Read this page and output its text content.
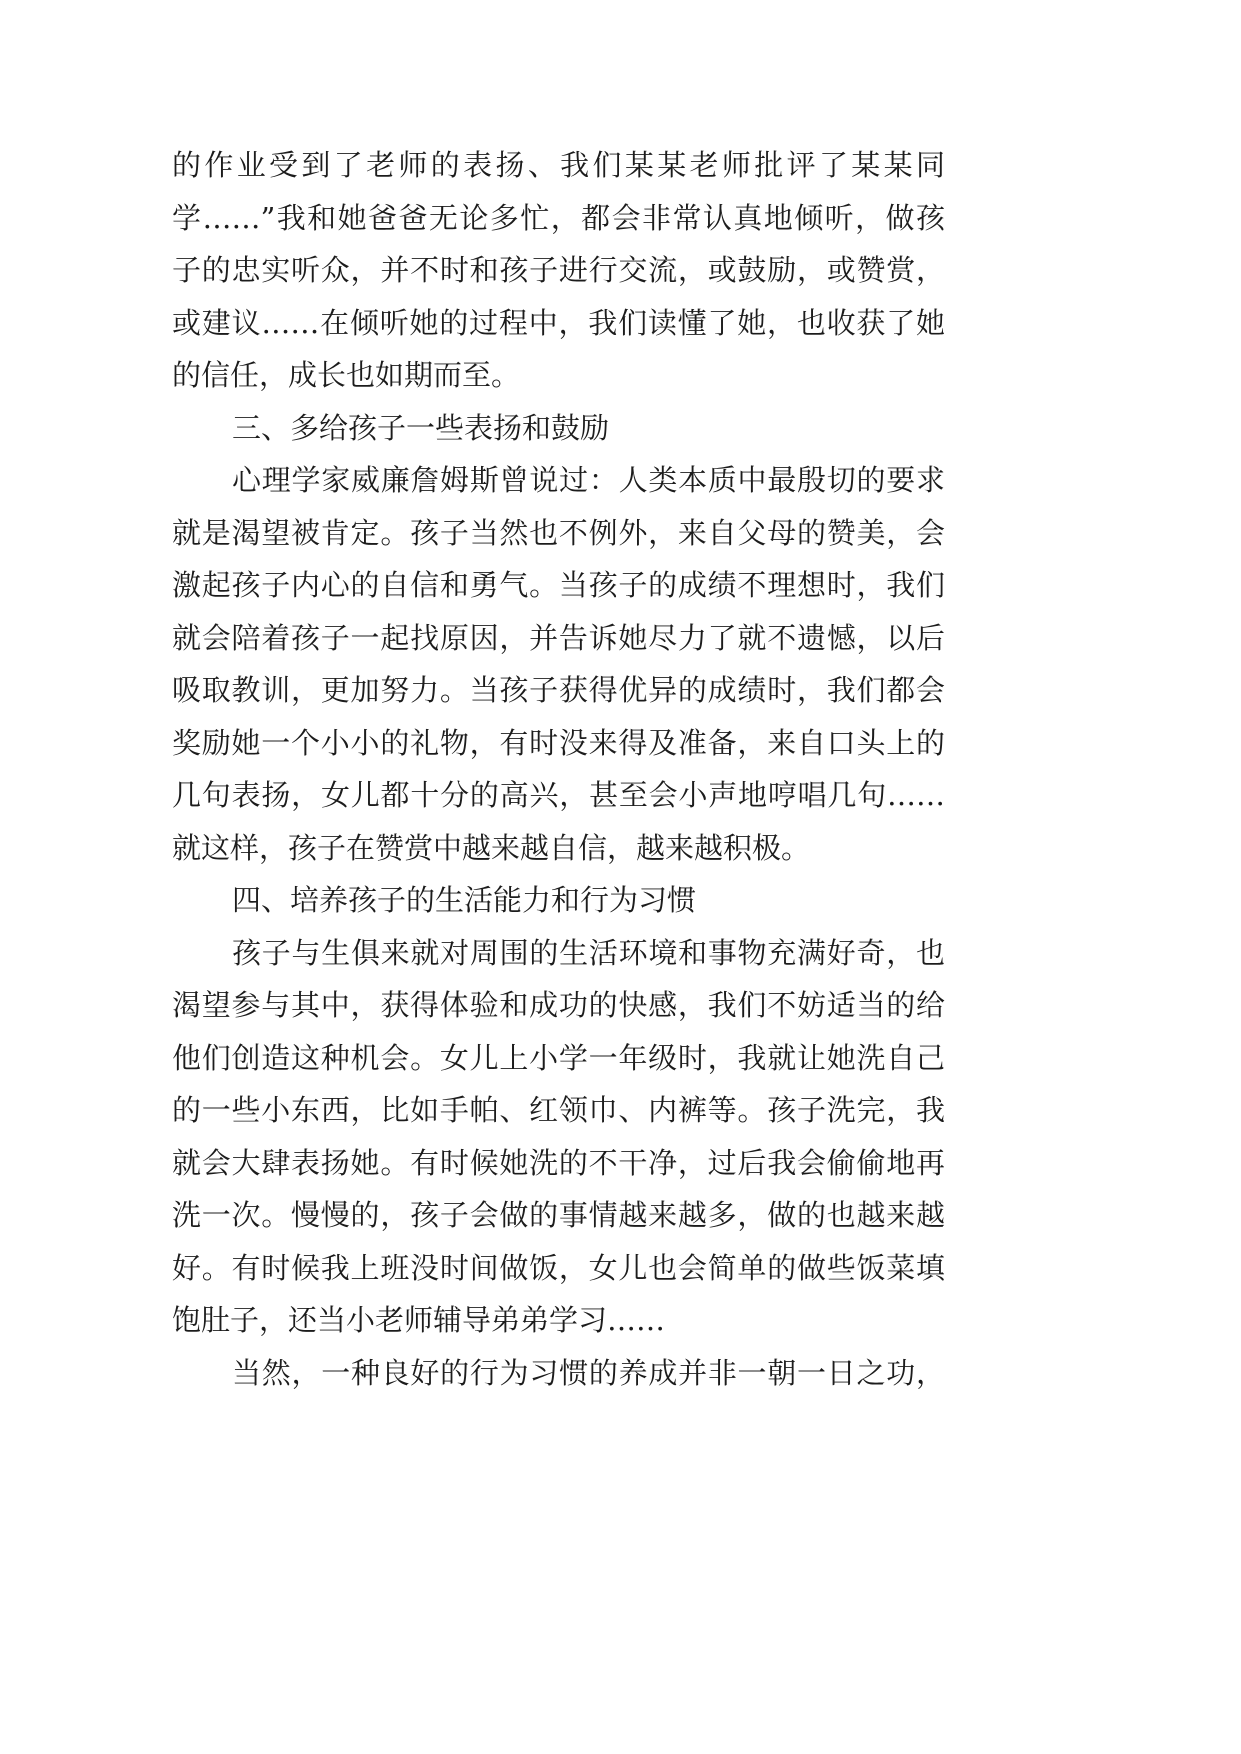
的作业受到了老师的表扬、我们某某老师批评了某某同
学……”我和她爸爸无论多忙，都会非常认真地倾听，做孩
子的忠实听众，并不时和孩子进行交流，或鼓励，或赞赏，
或建议……在倾听她的过程中，我们读懂了她，也收获了她
的信任，成长也如期而至。
三、多给孩子一些表扬和鼓励
心理学家威廉詹姆斯曾说过：人类本质中最殷切的要求
就是渴望被肯定。孩子当然也不例外，来自父母的赞美，会
激起孩子内心的自信和勇气。当孩子的成绩不理想时，我们
就会陪着孩子一起找原因，并告诉她尽力了就不遗憾，以后
吸取教训，更加努力。当孩子获得优异的成绩时，我们都会
奖励她一个小小的礼物，有时没来得及准备，来自口头上的
几句表扬，女儿都十分的高兴，甚至会小声地哼唱几句……
就这样，孩子在赞赏中越来越自信，越来越积极。
四、培养孩子的生活能力和行为习惯
孩子与生俱来就对周围的生活环境和事物充满好奇，也
渴望参与其中，获得体验和成功的快感，我们不妨适当的给
他们创造这种机会。女儿上小学一年级时，我就让她洗自己
的一些小东西，比如手帕、红领巾、内裤等。孩子洗完，我
就会大肆表扬她。有时候她洗的不干净，过后我会偷偷地再
洗一次。慢慢的，孩子会做的事情越来越多，做的也越来越
好。有时候我上班没时间做饭，女儿也会简单的做些饭菜填
饱肚子，还当小老师辅导弟弟学习……
当然，一种良好的行为习惯的养成并非一朝一日之功，
